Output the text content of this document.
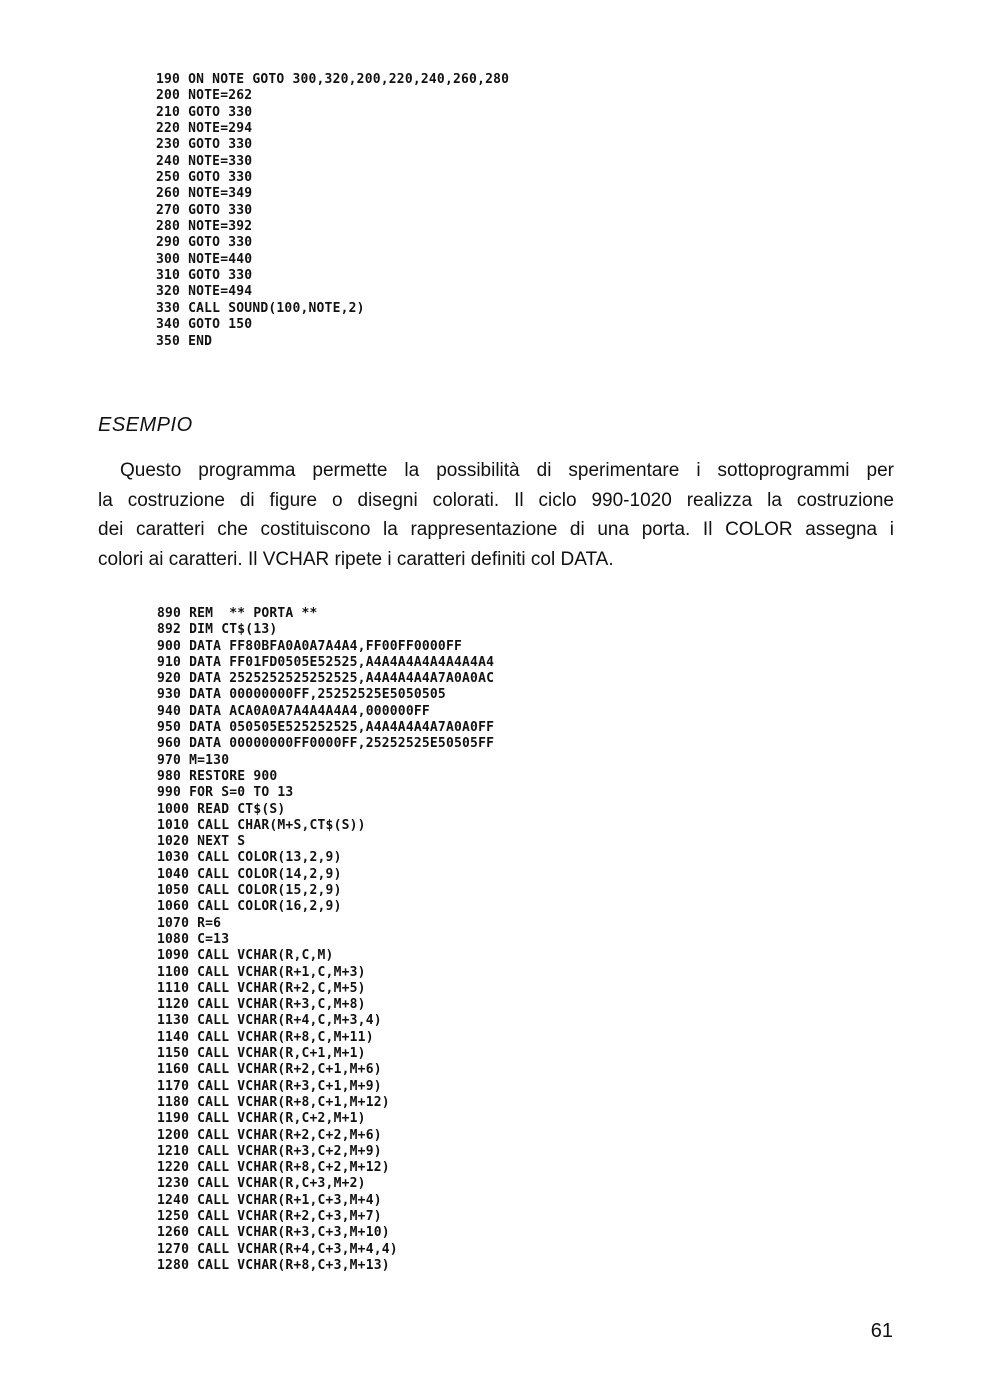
190 ON NOTE GOTO 300,320,200,220,240,260,280
200 NOTE=262
210 GOTO 330
220 NOTE=294
230 GOTO 330
240 NOTE=330
250 GOTO 330
260 NOTE=349
270 GOTO 330
280 NOTE=392
290 GOTO 330
300 NOTE=440
310 GOTO 330
320 NOTE=494
330 CALL SOUND(100,NOTE,2)
340 GOTO 150
350 END
ESEMPIO
Questo programma permette la possibilità di sperimentare i sottoprogrammi per
la costruzione di figure o disegni colorati. Il ciclo 990-1020 realizza la costruzione
dei caratteri che costituiscono la rappresentazione di una porta. Il COLOR assegna i
colori ai caratteri. Il VCHAR ripete i caratteri definiti col DATA.
890 REM  ** PORTA **
892 DIM CT$(13)
900 DATA FF80BFA0A0A7A4A4,FF00FF0000FF
910 DATA FF01FD0505E52525,A4A4A4A4A4A4A4A4
920 DATA 2525252525252525,A4A4A4A4A7A0A0AC
930 DATA 00000000FF,25252525E5050505
940 DATA ACA0A0A7A4A4A4A4,000000FF
950 DATA 050505E525252525,A4A4A4A4A7A0A0FF
960 DATA 00000000FF0000FF,25252525E50505FF
970 M=130
980 RESTORE 900
990 FOR S=0 TO 13
1000 READ CT$(S)
1010 CALL CHAR(M+S,CT$(S))
1020 NEXT S
1030 CALL COLOR(13,2,9)
1040 CALL COLOR(14,2,9)
1050 CALL COLOR(15,2,9)
1060 CALL COLOR(16,2,9)
1070 R=6
1080 C=13
1090 CALL VCHAR(R,C,M)
1100 CALL VCHAR(R+1,C,M+3)
1110 CALL VCHAR(R+2,C,M+5)
1120 CALL VCHAR(R+3,C,M+8)
1130 CALL VCHAR(R+4,C,M+3,4)
1140 CALL VCHAR(R+8,C,M+11)
1150 CALL VCHAR(R,C+1,M+1)
1160 CALL VCHAR(R+2,C+1,M+6)
1170 CALL VCHAR(R+3,C+1,M+9)
1180 CALL VCHAR(R+8,C+1,M+12)
1190 CALL VCHAR(R,C+2,M+1)
1200 CALL VCHAR(R+2,C+2,M+6)
1210 CALL VCHAR(R+3,C+2,M+9)
1220 CALL VCHAR(R+8,C+2,M+12)
1230 CALL VCHAR(R,C+3,M+2)
1240 CALL VCHAR(R+1,C+3,M+4)
1250 CALL VCHAR(R+2,C+3,M+7)
1260 CALL VCHAR(R+3,C+3,M+10)
1270 CALL VCHAR(R+4,C+3,M+4,4)
1280 CALL VCHAR(R+8,C+3,M+13)
61
